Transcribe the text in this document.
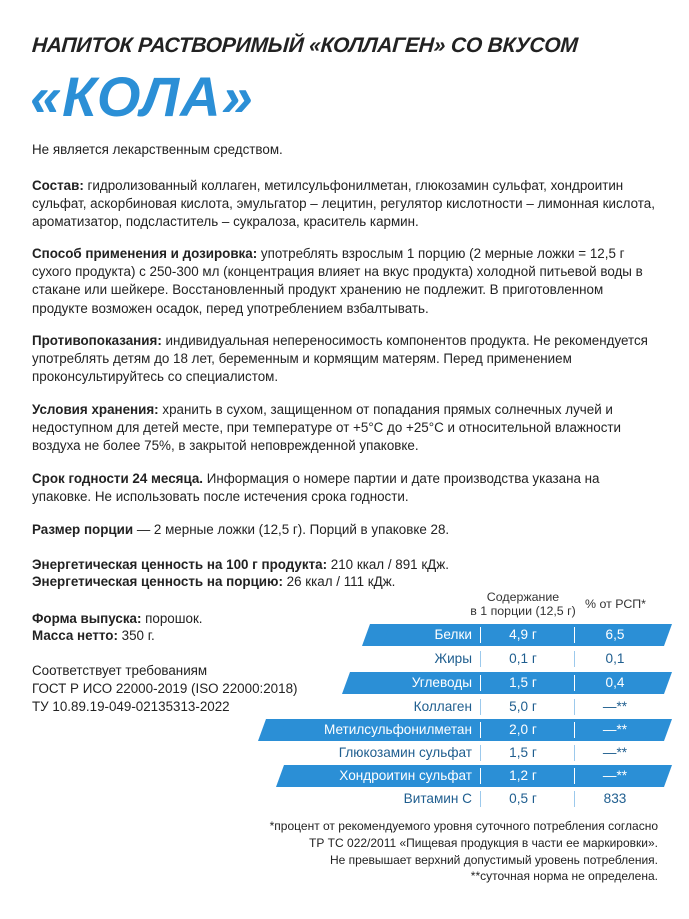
НАПИТОК РАСТВОРИМЫЙ «КОЛЛАГЕН» СО ВКУСОМ
«КОЛА»
Не является лекарственным средством.
Состав: гидролизованный коллаген, метилсульфонилметан, глюкозамин сульфат, хондроитин сульфат, аскорбиновая кислота, эмульгатор – лецитин, регулятор кислотности – лимонная кислота, ароматизатор, подсластитель – сукралоза, краситель кармин.
Способ применения и дозировка: употреблять взрослым 1 порцию (2 мерные ложки = 12,5 г сухого продукта) с 250-300 мл (концентрация влияет на вкус продукта) холодной питьевой воды в стакане или шейкере. Восстановленный продукт хранению не подлежит. В приготовленном продукте возможен осадок, перед употреблением взбалтывать.
Противопоказания: индивидуальная непереносимость компонентов продукта. Не рекомендуется употреблять детям до 18 лет, беременным и кормящим матерям. Перед применением проконсультируйтесь со специалистом.
Условия хранения: хранить в сухом, защищенном от попадания прямых солнечных лучей и недоступном для детей месте, при температуре от +5°С до +25°С и относительной влажности воздуха не более 75%, в закрытой неповрежденной упаковке.
Срок годности 24 месяца. Информация о номере партии и дате производства указана на упаковке. Не использовать после истечения срока годности.
Размер порции — 2 мерные ложки (12,5 г). Порций в упаковке 28.
Энергетическая ценность на 100 г продукта: 210 ккал / 891 кДж.
Энергетическая ценность на порцию: 26 ккал / 111 кДж.
Форма выпуска: порошок.
Масса нетто: 350 г.
Соответствует требованиям
ГОСТ Р ИСО 22000-2019 (ISO 22000:2018)
ТУ 10.89.19-049-02135313-2022
Содержание
в 1 порции (12,5 г) % от РСП*
Белки	4,9 г	6,5
Жиры	0,1 г	0,1
Углеводы	1,5 г	0,4
Коллаген	5,0 г	—**
Метилсульфонилметан	2,0 г	—**
Глюкозамин сульфат	1,5 г	—**
Хондроитин сульфат	1,2 г	—**
Витамин С	0,5 г	833
*процент от рекомендуемого уровня суточного потребления согласно
ТР ТС 022/2011 «Пищевая продукция в части ее маркировки».
Не превышает верхний допустимый уровень потребления.
**суточная норма не определена.
